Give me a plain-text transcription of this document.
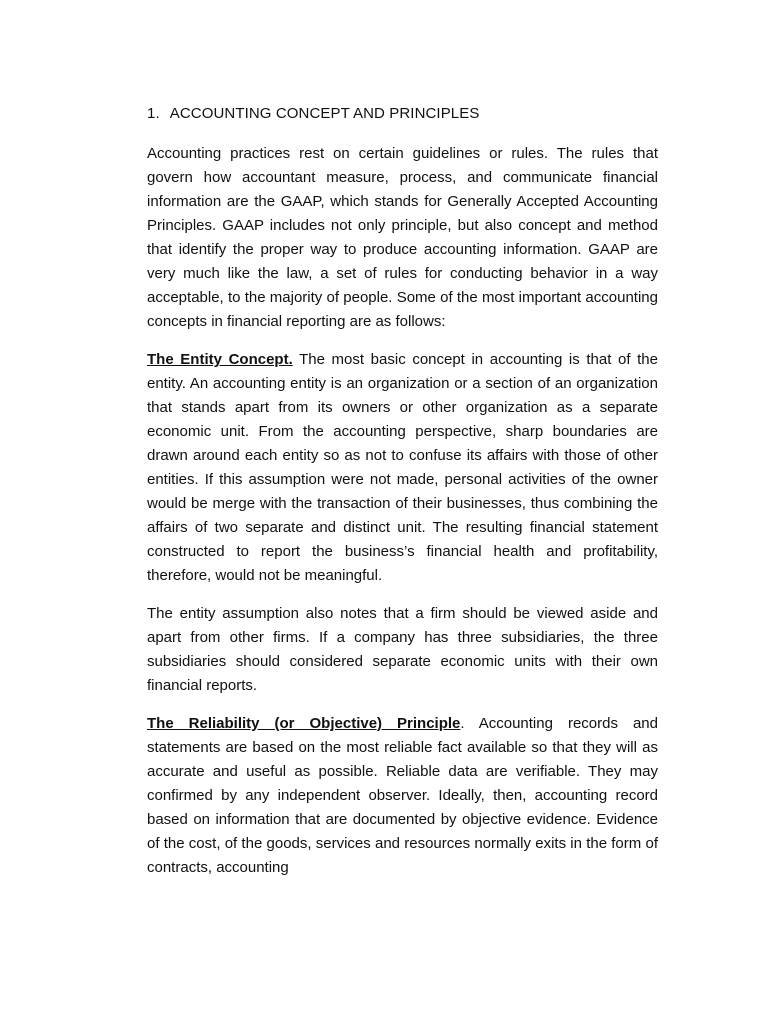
1. ACCOUNTING CONCEPT AND PRINCIPLES

Accounting practices rest on certain guidelines or rules. The rules that govern how accountant measure, process, and communicate financial information are the GAAP, which stands for Generally Accepted Accounting Principles. GAAP includes not only principle, but also concept and method that identify the proper way to produce accounting information. GAAP are very much like the law, a set of rules for conducting behavior in a way acceptable, to the majority of people. Some of the most important accounting concepts in financial reporting are as follows:

The Entity Concept. The most basic concept in accounting is that of the entity. An accounting entity is an organization or a section of an organization that stands apart from its owners or other organization as a separate economic unit. From the accounting perspective, sharp boundaries are drawn around each entity so as not to confuse its affairs with those of other entities. If this assumption were not made, personal activities of the owner would be merge with the transaction of their businesses, thus combining the affairs of two separate and distinct unit. The resulting financial statement constructed to report the business’s financial health and profitability, therefore, would not be meaningful.

The entity assumption also notes that a firm should be viewed aside and apart from other firms. If a company has three subsidiaries, the three subsidiaries should considered separate economic units with their own financial reports.

The Reliability (or Objective) Principle. Accounting records and statements are based on the most reliable fact available so that they will as accurate and useful as possible. Reliable data are verifiable. They may confirmed by any independent observer. Ideally, then, accounting record based on information that are documented by objective evidence. Evidence of the cost, of the goods, services and resources normally exits in the form of contracts, accounting
